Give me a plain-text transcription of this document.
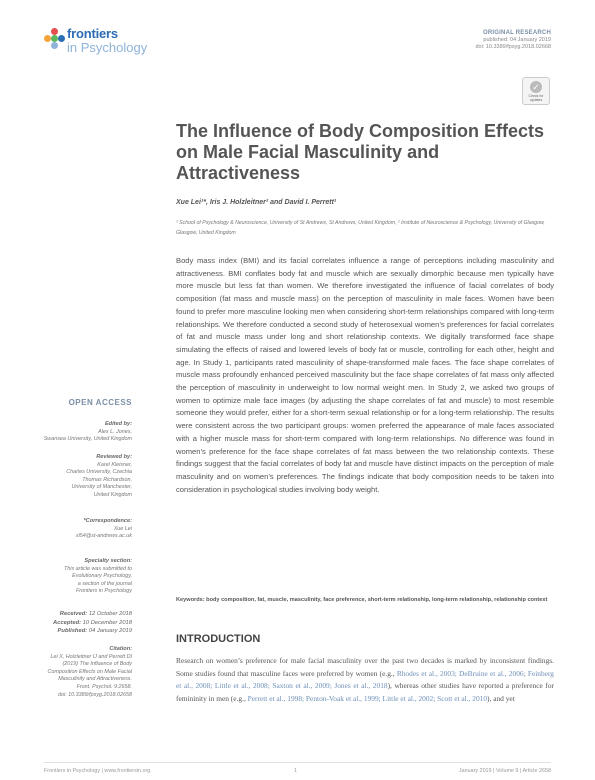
frontiers
in Psychology
ORIGINAL RESEARCH
published: 04 January 2019
doi: 10.3389/fpsyg.2018.02668
✓
Check for updates
The Influence of Body Composition Effects on Male Facial Masculinity and Attractiveness
Xue Lei¹*, Iris J. Holzleitner² and David I. Perrett¹
¹ School of Psychology & Neuroscience, University of St Andrews, St Andrews, United Kingdom, ² Institute of Neuroscience & Psychology, University of Glasgow, Glasgow, United Kingdom
Body mass index (BMI) and its facial correlates influence a range of perceptions including masculinity and attractiveness. BMI conflates body fat and muscle which are sexually dimorphic because men typically have more muscle but less fat than women. We therefore investigated the influence of facial correlates of body composition (fat mass and muscle mass) on the perception of masculinity in male faces. Women have been found to prefer more masculine looking men when considering short-term relationships compared with long-term relationships. We therefore conducted a second study of heterosexual women’s preferences for facial correlates of fat and muscle mass under long and short relationship contexts. We digitally transformed face shape simulating the effects of raised and lowered levels of body fat or muscle, controlling for each other, height and age. In Study 1, participants rated masculinity of shape-transformed male faces. The face shape correlates of muscle mass profoundly enhanced perceived masculinity but the face shape correlates of fat mass only affected the perception of masculinity in underweight to low normal weight men. In Study 2, we asked two groups of women to optimize male face images (by adjusting the shape correlates of fat and muscle) to most resemble someone they would prefer, either for a short-term sexual relationship or for a long-term relationship. The results were consistent across the two participant groups: women preferred the appearance of male faces associated with a higher muscle mass for short-term compared with long-term relationships. No difference was found in women’s preference for the face shape correlates of fat mass between the two relationship contexts. These findings suggest that the facial correlates of body fat and muscle have distinct impacts on the perception of male masculinity and on women’s preferences. The findings indicate that body composition needs to be taken into consideration in psychological studies involving body weight.
Keywords: body composition, fat, muscle, masculinity, face preference, short-term relationship, long-term relationship, relationship context
INTRODUCTION
Research on women’s preference for male facial masculinity over the past two decades is marked by inconsistent findings. Some studies found that masculine faces were preferred by women (e.g., Rhodes et al., 2003; DeBruine et al., 2006; Feinberg et al., 2008; Little et al., 2008; Saxton et al., 2009; Jones et al., 2018), whereas other studies have reported a preference for femininity in men (e.g., Perrett et al., 1998; Penton-Voak et al., 1999; Little et al., 2002; Scott et al., 2010), and yet
OPEN ACCESS
Edited by:
Alex L. Jones,
Swansea University, United Kingdom
Reviewed by:
Karel Kleisner,
Charles University, Czechia
Thomas Richardson,
University of Manchester,
United Kingdom
*Correspondence:
Xue Lei
xl54@st-andrews.ac.uk
Specialty section:
This article was submitted to
Evolutionary Psychology,
a section of the journal
Frontiers in Psychology
Received: 12 October 2018
Accepted: 10 December 2018
Published: 04 January 2019
Citation:
Lei X, Holzleitner IJ and Perrett DI
(2019) The Influence of Body
Composition Effects on Male Facial
Masculinity and Attractiveness.
Front. Psychol. 9:2658.
doi: 10.3389/fpsyg.2018.02658
Frontiers in Psychology | www.frontiersin.org	1	January 2019 | Volume 9 | Article 2658
